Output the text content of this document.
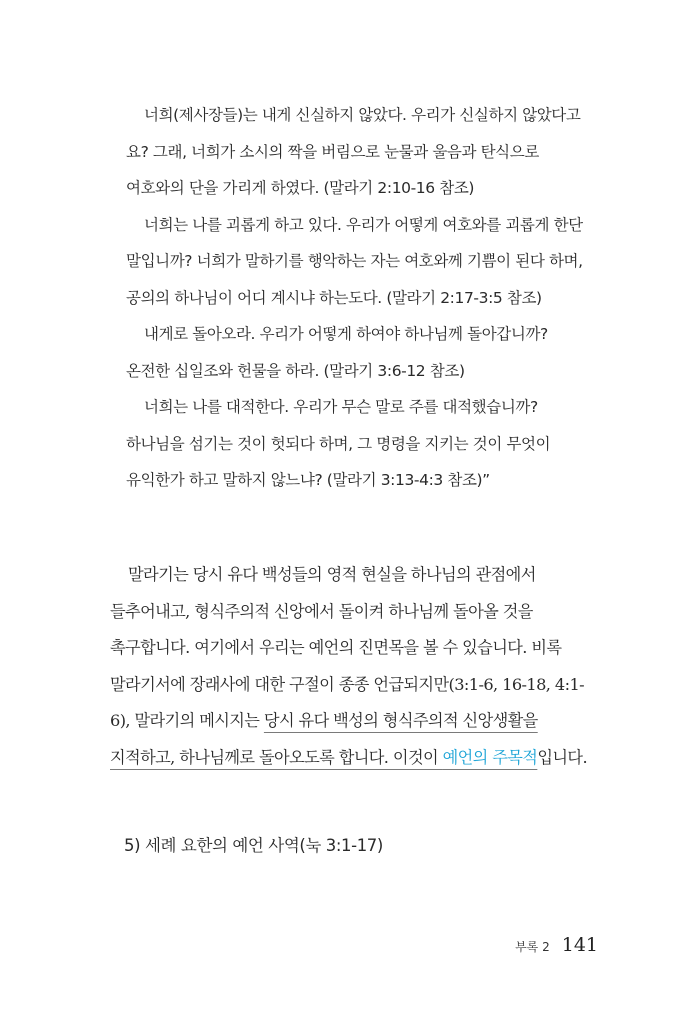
너희(제사장들)는 내게 신실하지 않았다. 우리가 신실하지 않았다고 요? 그래, 너희가 소시의 짝을 버림으로 눈물과 울음과 탄식으로 여호와의 단을 가리게 하였다. (말라기 2:10-16 참조)

너희는 나를 괴롭게 하고 있다. 우리가 어떻게 여호와를 괴롭게 한단 말입니까? 너희가 말하기를 행악하는 자는 여호와께 기쁨이 된다 하며, 공의의 하나님이 어디 계시냐 하는도다. (말라기 2:17-3:5 참조)

내게로 돌아오라. 우리가 어떻게 하여야 하나님께 돌아갑니까? 온전한 십일조와 헌물을 하라. (말라기 3:6-12 참조)

너희는 나를 대적한다. 우리가 무슨 말로 주를 대적했습니까? 하나님을 섬기는 것이 헛되다 하며, 그 명령을 지키는 것이 무엇이 유익한가 하고 말하지 않느냐? (말라기 3:13-4:3 참조)”

말라기는 당시 유다 백성들의 영적 현실을 하나님의 관점에서 들추어내고, 형식주의적 신앙에서 돌이켜 하나님께 돌아올 것을 촉구합니다. 여기에서 우리는 예언의 진면목을 볼 수 있습니다. 비록 말라기서에 장래사에 대한 구절이 종종 언급되지만(3:1-6, 16-18, 4:1-6), 말라기의 메시지는 당시 유다 백성의 형식주의적 신앙생활을 지적하고, 하나님께로 돌아오도록 합니다. 이것이 예언의 주목적입니다.

5) 세례 요한의 예언 사역(눅 3:1-17)
부록 2 141
